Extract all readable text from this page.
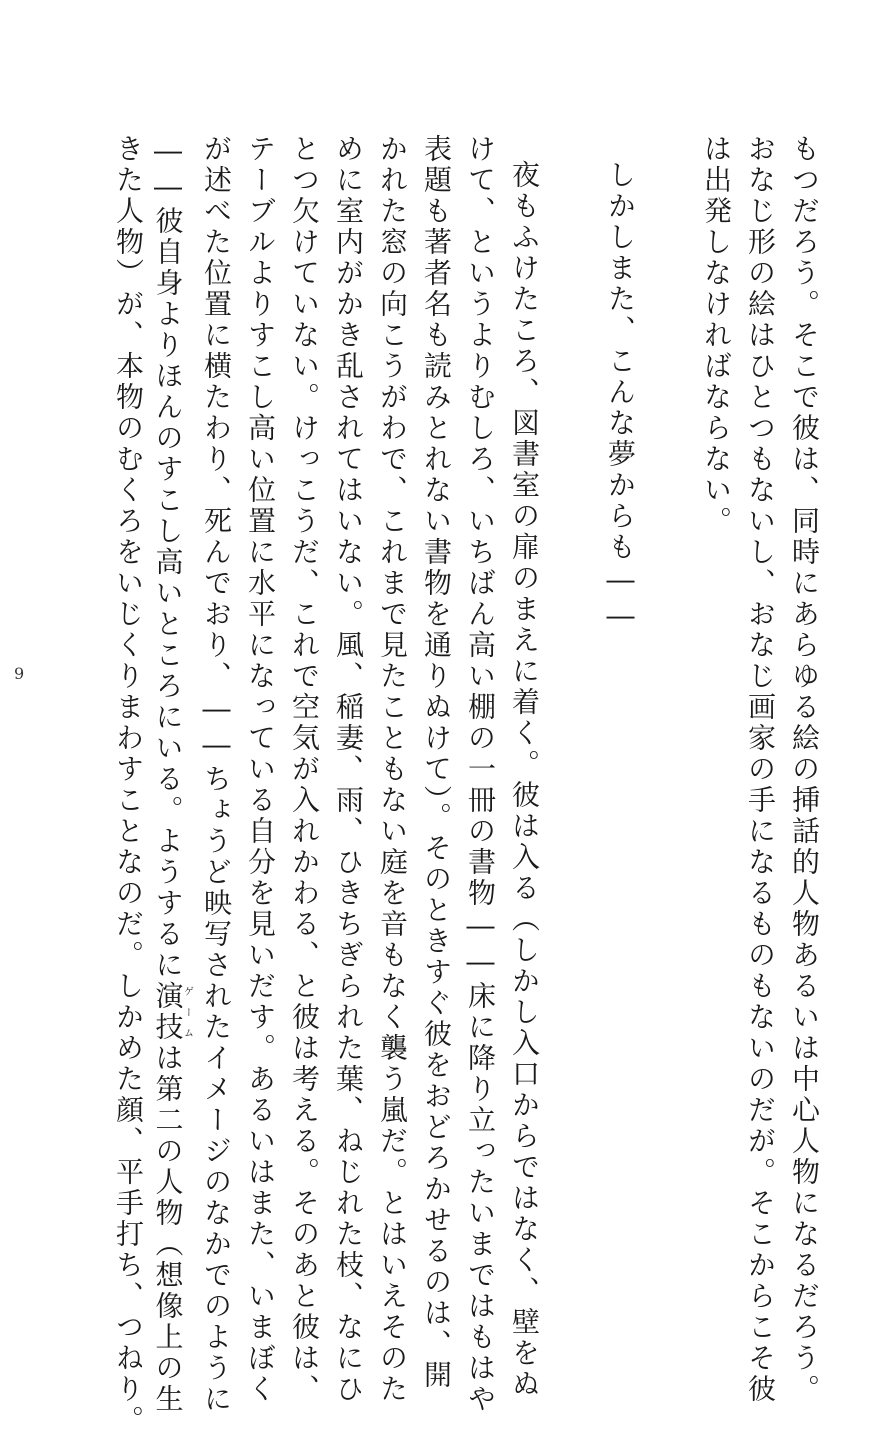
もつだろう。そこで彼は、同時にあらゆる絵の挿話的人物あるいは中心人物になるだろう。
おなじ形の絵はひとつもないし、おなじ画家の手になるものもないのだが。そこからこそ彼
は出発しなければならない。
しかしまた、こんな夢からも――
夜もふけたころ、図書室の扉のまえに着く。彼は入る（しかし入口からではなく、壁をぬ
けて、というよりむしろ、いちばん高い棚の一冊の書物――床に降り立ったいまではもはや
表題も著者名も読みとれない書物を通りぬけて）。そのときすぐ彼をおどろかせるのは、開
かれた窓の向こうがわで、これまで見たこともない庭を音もなく襲う嵐だ。とはいえそのた
めに室内がかき乱されてはいない。風、稲妻、雨、ひきちぎられた葉、ねじれた枝、なにひ
とつ欠けていない。けっこうだ、これで空気が入れかわる、と彼は考える。そのあと彼は、
テーブルよりすこし高い位置に水平になっている自分を見いだす。あるいはまた、いまぼく
が述べた位置に横たわり、死んでおり、――ちょうど映写されたイメージのなかでのように
――彼自身よりほんのすこし高いところにいる。ようするに演技ゲームは第二の人物（想像上の生
きた人物）が、本物のむくろをいじくりまわすことなのだ。しかめた顔、平手打ち、つねり。
9
